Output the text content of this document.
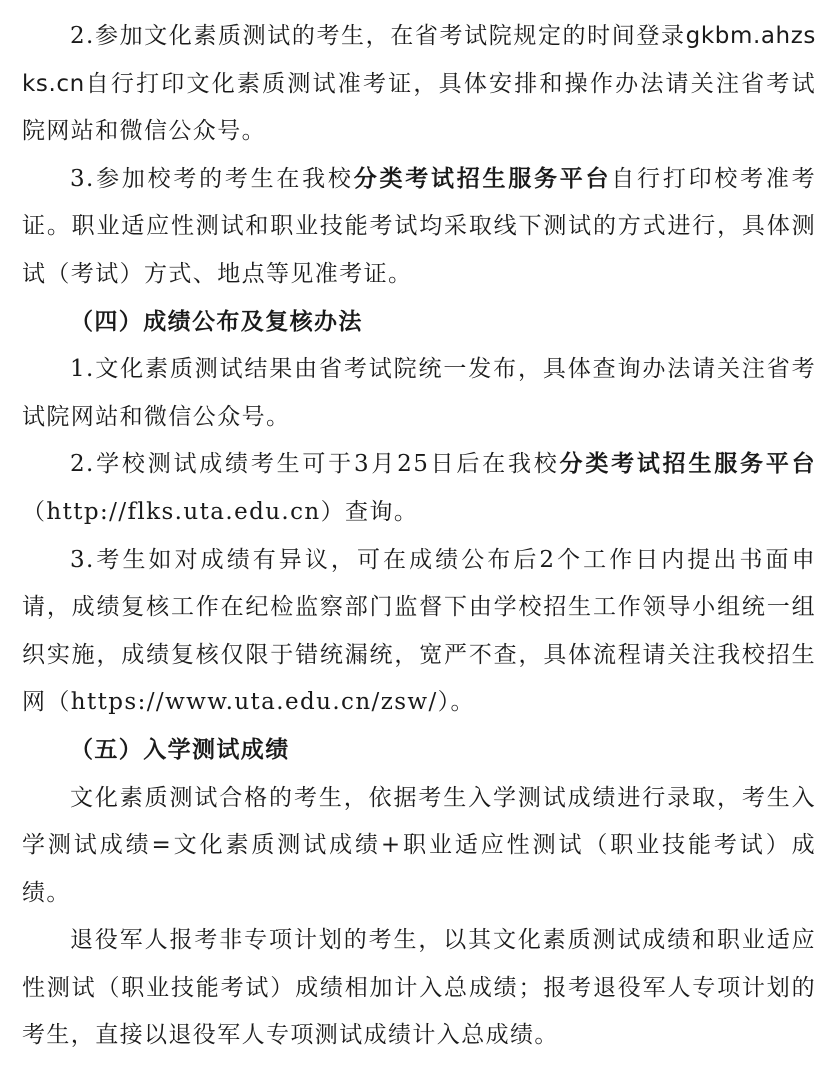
2.参加文化素质测试的考生，在省考试院规定的时间登录gkbm.ahzsks.cn自行打印文化素质测试准考证，具体安排和操作办法请关注省考试院网站和微信公众号。

3.参加校考的考生在我校分类考试招生服务平台自行打印校考准考证。职业适应性测试和职业技能考试均采取线下测试的方式进行，具体测试（考试）方式、地点等见准考证。

（四）成绩公布及复核办法

1.文化素质测试结果由省考试院统一发布，具体查询办法请关注省考试院网站和微信公众号。

2.学校测试成绩考生可于3月25日后在我校分类考试招生服务平台（http://flks.uta.edu.cn）查询。

3.考生如对成绩有异议，可在成绩公布后2个工作日内提出书面申请，成绩复核工作在纪检监察部门监督下由学校招生工作领导小组统一组织实施，成绩复核仅限于错统漏统，宽严不查，具体流程请关注我校招生网（https://www.uta.edu.cn/zsw/）。

（五）入学测试成绩

文化素质测试合格的考生，依据考生入学测试成绩进行录取，考生入学测试成绩=文化素质测试成绩+职业适应性测试（职业技能考试）成绩。

退役军人报考非专项计划的考生，以其文化素质测试成绩和职业适应性测试（职业技能考试）成绩相加计入总成绩；报考退役军人专项计划的考生，直接以退役军人专项测试成绩计入总成绩。
